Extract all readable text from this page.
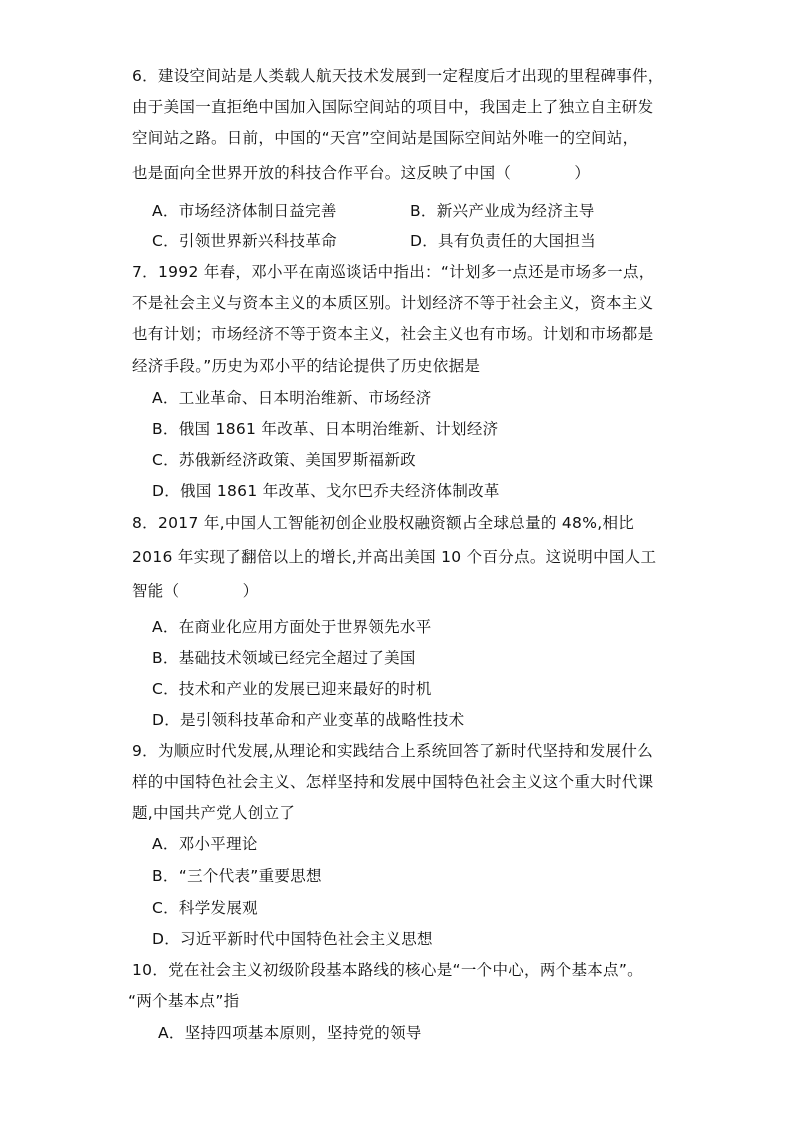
6．建设空间站是人类载人航天技术发展到一定程度后才出现的里程碑事件，
由于美国一直拒绝中国加入国际空间站的项目中，我国走上了独立自主研发
空间站之路。日前，中国的“天宫”空间站是国际空间站外唯一的空间站，
也是面向全世界开放的科技合作平台。这反映了中国（　　　　）
A．市场经济体制日益完善	B．新兴产业成为经济主导
C．引领世界新兴科技革命	D．具有负责任的大国担当
7．1992 年春，邓小平在南巡谈话中指出：“计划多一点还是市场多一点，
不是社会主义与资本主义的本质区别。计划经济不等于社会主义，资本主义
也有计划；市场经济不等于资本主义，社会主义也有市场。计划和市场都是
经济手段。”历史为邓小平的结论提供了历史依据是
A．工业革命、日本明治维新、市场经济
B．俄国 1861 年改革、日本明治维新、计划经济
C．苏俄新经济政策、美国罗斯福新政
D．俄国 1861 年改革、戈尔巴乔夫经济体制改革
8．2017 年,中国人工智能初创企业股权融资额占全球总量的 48%,相比
2016 年实现了翻倍以上的增长,并高出美国 10 个百分点。这说明中国人工
智能（　　　　）
A．在商业化应用方面处于世界领先水平
B．基础技术领域已经完全超过了美国
C．技术和产业的发展已迎来最好的时机
D．是引领科技革命和产业变革的战略性技术
9．为顺应时代发展,从理论和实践结合上系统回答了新时代坚持和发展什么
样的中国特色社会主义、怎样坚持和发展中国特色社会主义这个重大时代课
题,中国共产党人创立了
A．邓小平理论
B．“三个代表”重要思想
C．科学发展观
D．习近平新时代中国特色社会主义思想
10．党在社会主义初级阶段基本路线的核心是“一个中心，两个基本点”。
“两个基本点”指
A．坚持四项基本原则，坚持党的领导
